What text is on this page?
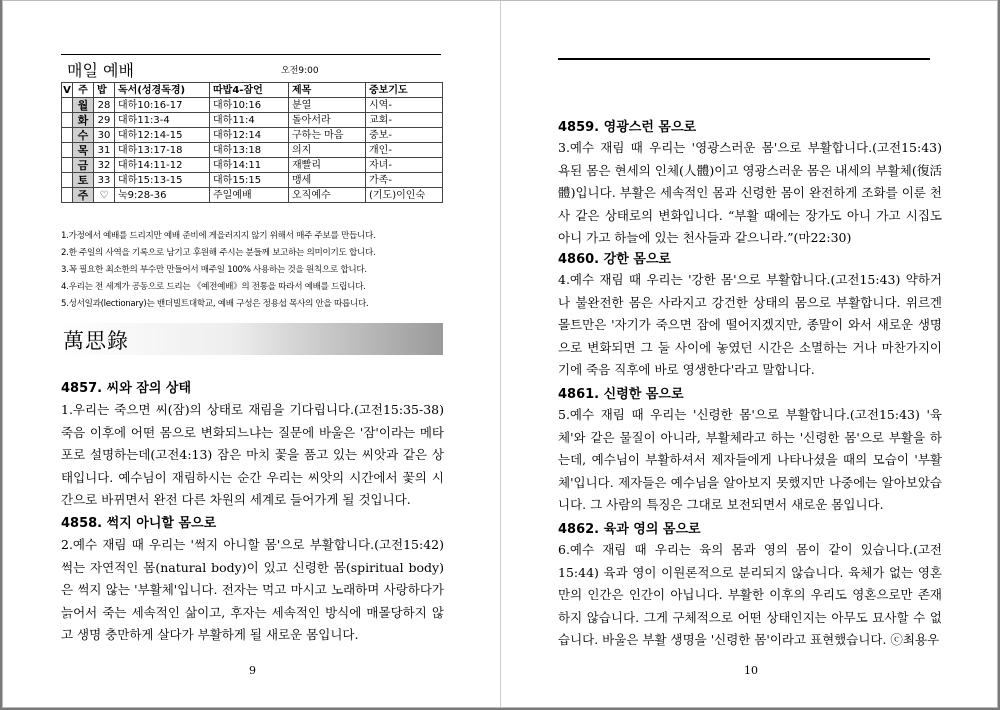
매일 예배	오전9:00
V	주	밥	독서(성경독경)	따밥4-잠언	제목	중보기도
	월	28	대하10:16-17	대하10:16	분열	시역-
	화	29	대하11:3-4	대하11:4	돌아서라	교회-
	수	30	대하12:14-15	대하12:14	구하는 마음	중보-
	목	31	대하13:17-18	대하13:18	의지	개인-
	금	32	대하14:11-12	대하14:11	재빨리	자녀-
	토	33	대하15:13-15	대하15:15	맹세	가족-
	주	♡	눅9:28-36	주일예배	오직예수	(기도)이인숙
1.가정에서 예배를 드리지만 예배 준비에 게을러지지 않기 위해서 매주 주보를 만듭니다.
2.한 주일의 사역을 기록으로 남기고 후원해 주시는 분들께 보고하는 의미이기도 합니다.
3.꼭 필요한 최소한의 부수만 만들어서 매주일 100% 사용하는 것을 원칙으로 합니다.
4.우리는 전 세계가 공동으로 드리는 《예전예배》의 전통을 따라서 예배를 드립니다.
5.성서일과(lectionary)는 밴더빌트대학교, 예배 구성은 정용섭 목사의 안을 따릅니다.
萬思錄
4857. 씨와 잠의 상태

1.우리는 죽으면 씨(잠)의 상태로 재림을 기다립니다.(고전15:35-38) 죽음 이후에 어떤 몸으로 변화되느냐는 질문에 바울은 '잠'이라는 메타포로 설명하는데(고전4:13) 잠은 마치 꽃을 품고 있는 씨앗과 같은 상태입니다. 예수님이 재림하시는 순간 우리는 씨앗의 시간에서 꽃의 시간으로 바뀌면서 완전 다른 차원의 세계로 들어가게 될 것입니다.

4858. 썩지 아니할 몸으로

2.예수 재림 때 우리는 '썩지 아니할 몸'으로 부활합니다.(고전15:42) 썩는 자연적인 몸(natural body)이 있고 신령한 몸(spiritual body)은 썩지 않는 '부활체'입니다. 전자는 먹고 마시고 노래하며 사랑하다가 늙어서 죽는 세속적인 삶이고, 후자는 세속적인 방식에 매몰당하지 않고 생명 충만하게 살다가 부활하게 될 새로운 몸입니다.

9
4859. 영광스런 몸으로

3.예수 재림 때 우리는 '영광스러운 몸'으로 부활합니다.(고전15:43) 욕된 몸은 현세의 인체(人體)이고 영광스러운 몸은 내세의 부활체(復活體)입니다. 부활은 세속적인 몸과 신령한 몸이 완전하게 조화를 이룬 천사 같은 상태로의 변화입니다. “부활 때에는 장가도 아니 가고 시집도 아니 가고 하늘에 있는 천사들과 같으니라.”(마22:30)

4860. 강한 몸으로

4.예수 재림 때 우리는 '강한 몸'으로 부활합니다.(고전15:43) 약하거나 불완전한 몸은 사라지고 강건한 상태의 몸으로 부활합니다. 위르겐 몰트만은 '자기가 죽으면 잠에 떨어지겠지만, 종말이 와서 새로운 생명으로 변화되면 그 둘 사이에 놓였던 시간은 소멸하는 거나 마찬가지이기에 죽음 직후에 바로 영생한다'라고 말합니다.

4861. 신령한 몸으로

5.예수 재림 때 우리는 '신령한 몸'으로 부활합니다.(고전15:43) '육체'와 같은 물질이 아니라, 부활체라고 하는 '신령한 몸'으로 부활을 하는데, 예수님이 부활하셔서 제자들에게 나타나셨을 때의 모습이 '부활체'입니다. 제자들은 예수님을 알아보지 못했지만 나중에는 알아보았습니다. 그 사람의 특징은 그대로 보전되면서 새로운 몸입니다.

4862. 육과 영의 몸으로

6.예수 재림 때 우리는 육의 몸과 영의 몸이 같이 있습니다.(고전15:44) 육과 영이 이원론적으로 분리되지 않습니다. 육체가 없는 영혼만의 인간은 인간이 아닙니다. 부활한 이후의 우리도 영혼으로만 존재하지 않습니다. 그게 구체적으로 어떤 상태인지는 아무도 묘사할 수 없습니다. 바울은 부활 생명을 '신령한 몸'이라고 표현했습니다. ⓒ최용우

10
